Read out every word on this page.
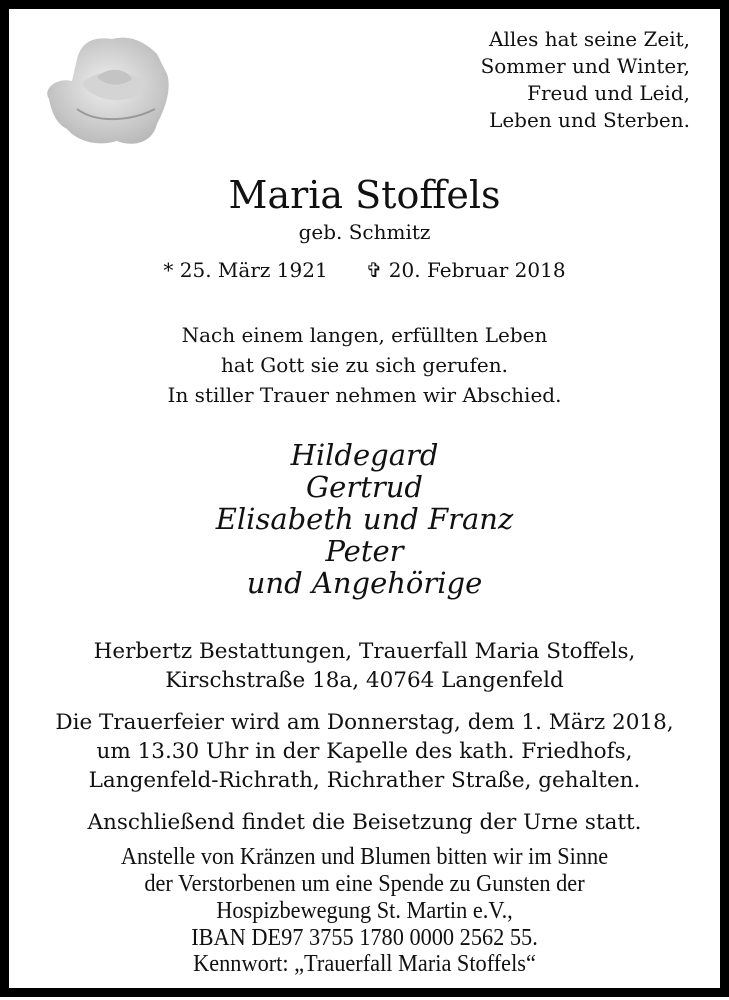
Alles hat seine Zeit,
Sommer und Winter,
Freud und Leid,
Leben und Sterben.
Maria Stoffels
geb. Schmitz
* 25. März 1921 ✞ 20. Februar 2018
Nach einem langen, erfüllten Leben
hat Gott sie zu sich gerufen.
In stiller Trauer nehmen wir Abschied.
Hildegard
Gertrud
Elisabeth und Franz
Peter
und Angehörige
Herbertz Bestattungen, Trauerfall Maria Stoffels,
Kirschstraße 18a, 40764 Langenfeld
Die Trauerfeier wird am Donnerstag, dem 1. März 2018,
um 13.30 Uhr in der Kapelle des kath. Friedhofs,
Langenfeld-Richrath, Richrather Straße, gehalten.
Anschließend findet die Beisetzung der Urne statt.
Anstelle von Kränzen und Blumen bitten wir im Sinne
der Verstorbenen um eine Spende zu Gunsten der
Hospizbewegung St. Martin e.V.,
IBAN DE97 3755 1780 0000 2562 55.
Kennwort: „Trauerfall Maria Stoffels“
